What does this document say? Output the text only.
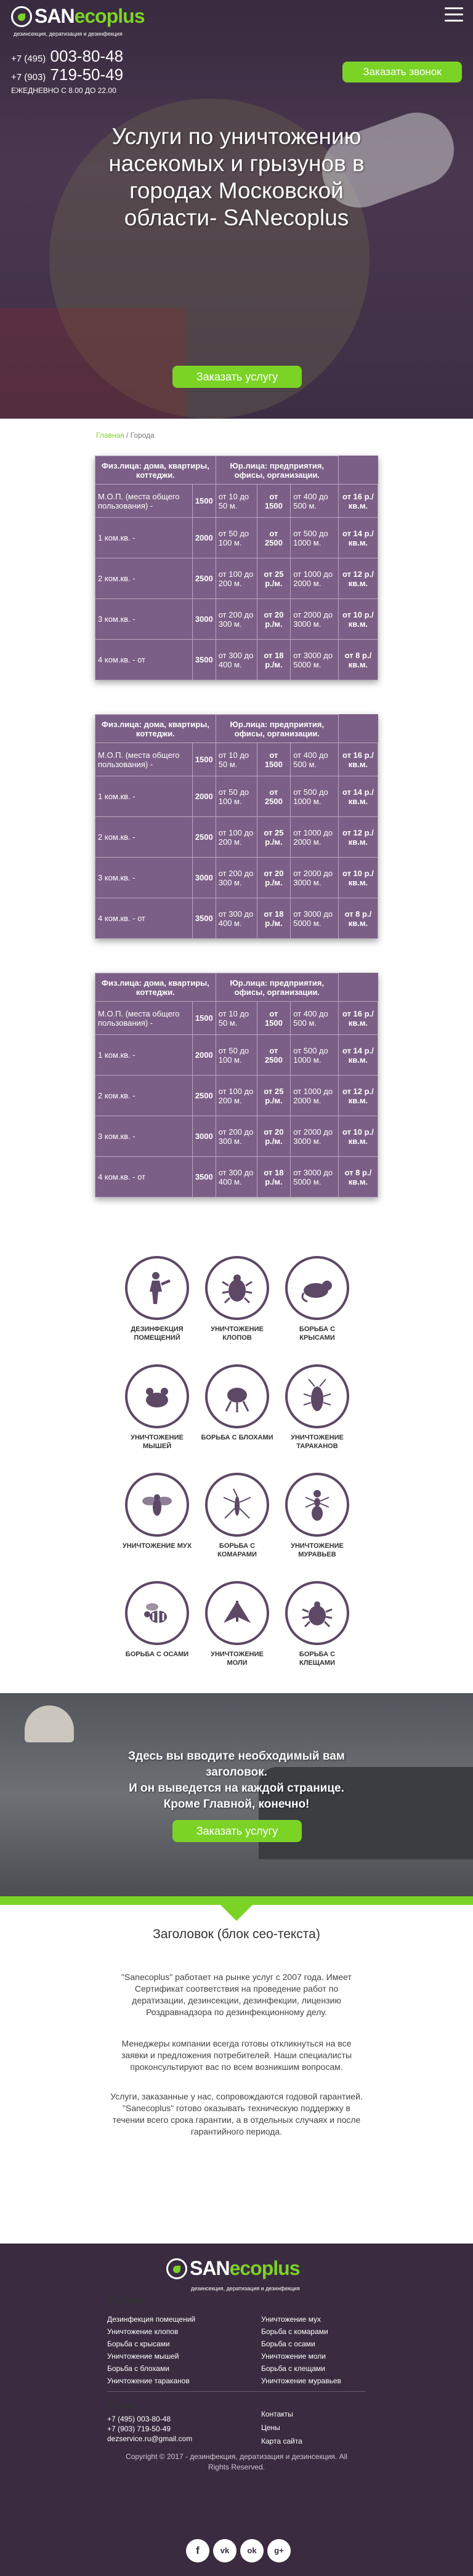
SANecoplus
дезинсекция, дератизация и дезинфекция
+7 (495) 003-80-48
+7 (903) 719-50-49
ЕЖЕДНЕВНО С 8.00 ДО 22.00
Заказать звонок
Услуги по уничтожению насекомых и грызунов в городах Московской области- SANecoplus
Заказать услугу
Главная / Города
Физ.лица: дома, квартиры, коттеджи.		Юр.лица: предприятия, офисы, организации.			
М.О.П. (места общего пользования) -	1500	от 10 до 50 м.	от 1500	от 400 до 500 м.	от 16 р./кв.м.
1 ком.кв. -	2000	от 50 до 100 м.	от 2500	от 500 до 1000 м.	от 14 р./кв.м.
2 ком.кв. -	2500	от 100 до 200 м.	от 25 р./м.	от 1000 до 2000 м.	от 12 р./кв.м.
3 ком.кв. -	3000	от 200 до 300 м.	от 20 р./м.	от 2000 до 3000 м.	от 10 р./кв.м.
4 ком.кв. - от	3500	от 300 до 400 м.	от 18 р./м.	от 3000 до 5000 м.	от 8 р./кв.м.
Физ.лица: дома, квартиры, коттеджи.		Юр.лица: предприятия, офисы, организации.			
М.О.П. (места общего пользования) -	1500	от 10 до 50 м.	от 1500	от 400 до 500 м.	от 16 р./кв.м.
1 ком.кв. -	2000	от 50 до 100 м.	от 2500	от 500 до 1000 м.	от 14 р./кв.м.
2 ком.кв. -	2500	от 100 до 200 м.	от 25 р./м.	от 1000 до 2000 м.	от 12 р./кв.м.
3 ком.кв. -	3000	от 200 до 300 м.	от 20 р./м.	от 2000 до 3000 м.	от 10 р./кв.м.
4 ком.кв. - от	3500	от 300 до 400 м.	от 18 р./м.	от 3000 до 5000 м.	от 8 р./кв.м.
Физ.лица: дома, квартиры, коттеджи.		Юр.лица: предприятия, офисы, организации.			
М.О.П. (места общего пользования) -	1500	от 10 до 50 м.	от 1500	от 400 до 500 м.	от 16 р./кв.м.
1 ком.кв. -	2000	от 50 до 100 м.	от 2500	от 500 до 1000 м.	от 14 р./кв.м.
2 ком.кв. -	2500	от 100 до 200 м.	от 25 р./м.	от 1000 до 2000 м.	от 12 р./кв.м.
3 ком.кв. -	3000	от 200 до 300 м.	от 20 р./м.	от 2000 до 3000 м.	от 10 р./кв.м.
4 ком.кв. - от	3500	от 300 до 400 м.	от 18 р./м.	от 3000 до 5000 м.	от 8 р./кв.м.
ДЕЗИНФЕКЦИЯ ПОМЕЩЕНИЙ
УНИЧТОЖЕНИЕ КЛОПОВ
БОРЬБА С КРЫСАМИ
УНИЧТОЖЕНИЕ МЫШЕЙ
БОРЬБА С БЛОХАМИ	УНИЧТОЖЕНИЕ ТАРАКАНОВ
УНИЧТОЖЕНИЕ МУХ	БОРЬБА С КОМАРАМИ
УНИЧТОЖЕНИЕ МУРАВЬЕВ
БОРЬБА С ОСАМИ	УНИЧТОЖЕНИЕ МОЛИ
БОРЬБА С КЛЕЩАМИ
Здесь вы вводите необходимый вам заголовок.
И он выведется на каждой странице.
Кроме Главной, конечно!
Заказать услугу
Заголовок (блок сео-текста)
"Sanecoplus" работает на рынке услуг с 2007 года. Имеет Сертификат соответствия на проведение работ по дератизации, дезинсекции, дезинфекции, лицензию Роздравнадзора по дезинфекционному делу.
Менеджеры компании всегда готовы откликнуться на все заявки и предложения потребителей. Наши специалисты проконсультируют вас по всем возникшим вопросам.
Услуги, заказанные у нас, сопровождаются годовой гарантией. "Sanecoplus" готово оказывать техническую поддержку в течении всего срока гарантии, а в отдельных случаях и после гарантийного периода.
SANecoplus
дезинсекция, дератизация и дезинфекция
Услуги
Дезинфекция помещений
Уничтожение клопов
Борьба с крысами
Уничтожение мышей
Борьба с блохами
Уничтожение тараканов
Уничтожение мух
Борьба с комарами
Борьба с осами
Уничтожение моли
Борьба с клещами
Уничтожение муравьев
О нас
+7 (495) 003-80-48
+7 (903) 719-50-49
dezservice.ru@gmail.com
Контакты
Цены
Карта сайта
Copyright © 2017 - дезинфекция, дератизация и дезинсекция. All Rights Reserved.
f	vk	ok	g+
